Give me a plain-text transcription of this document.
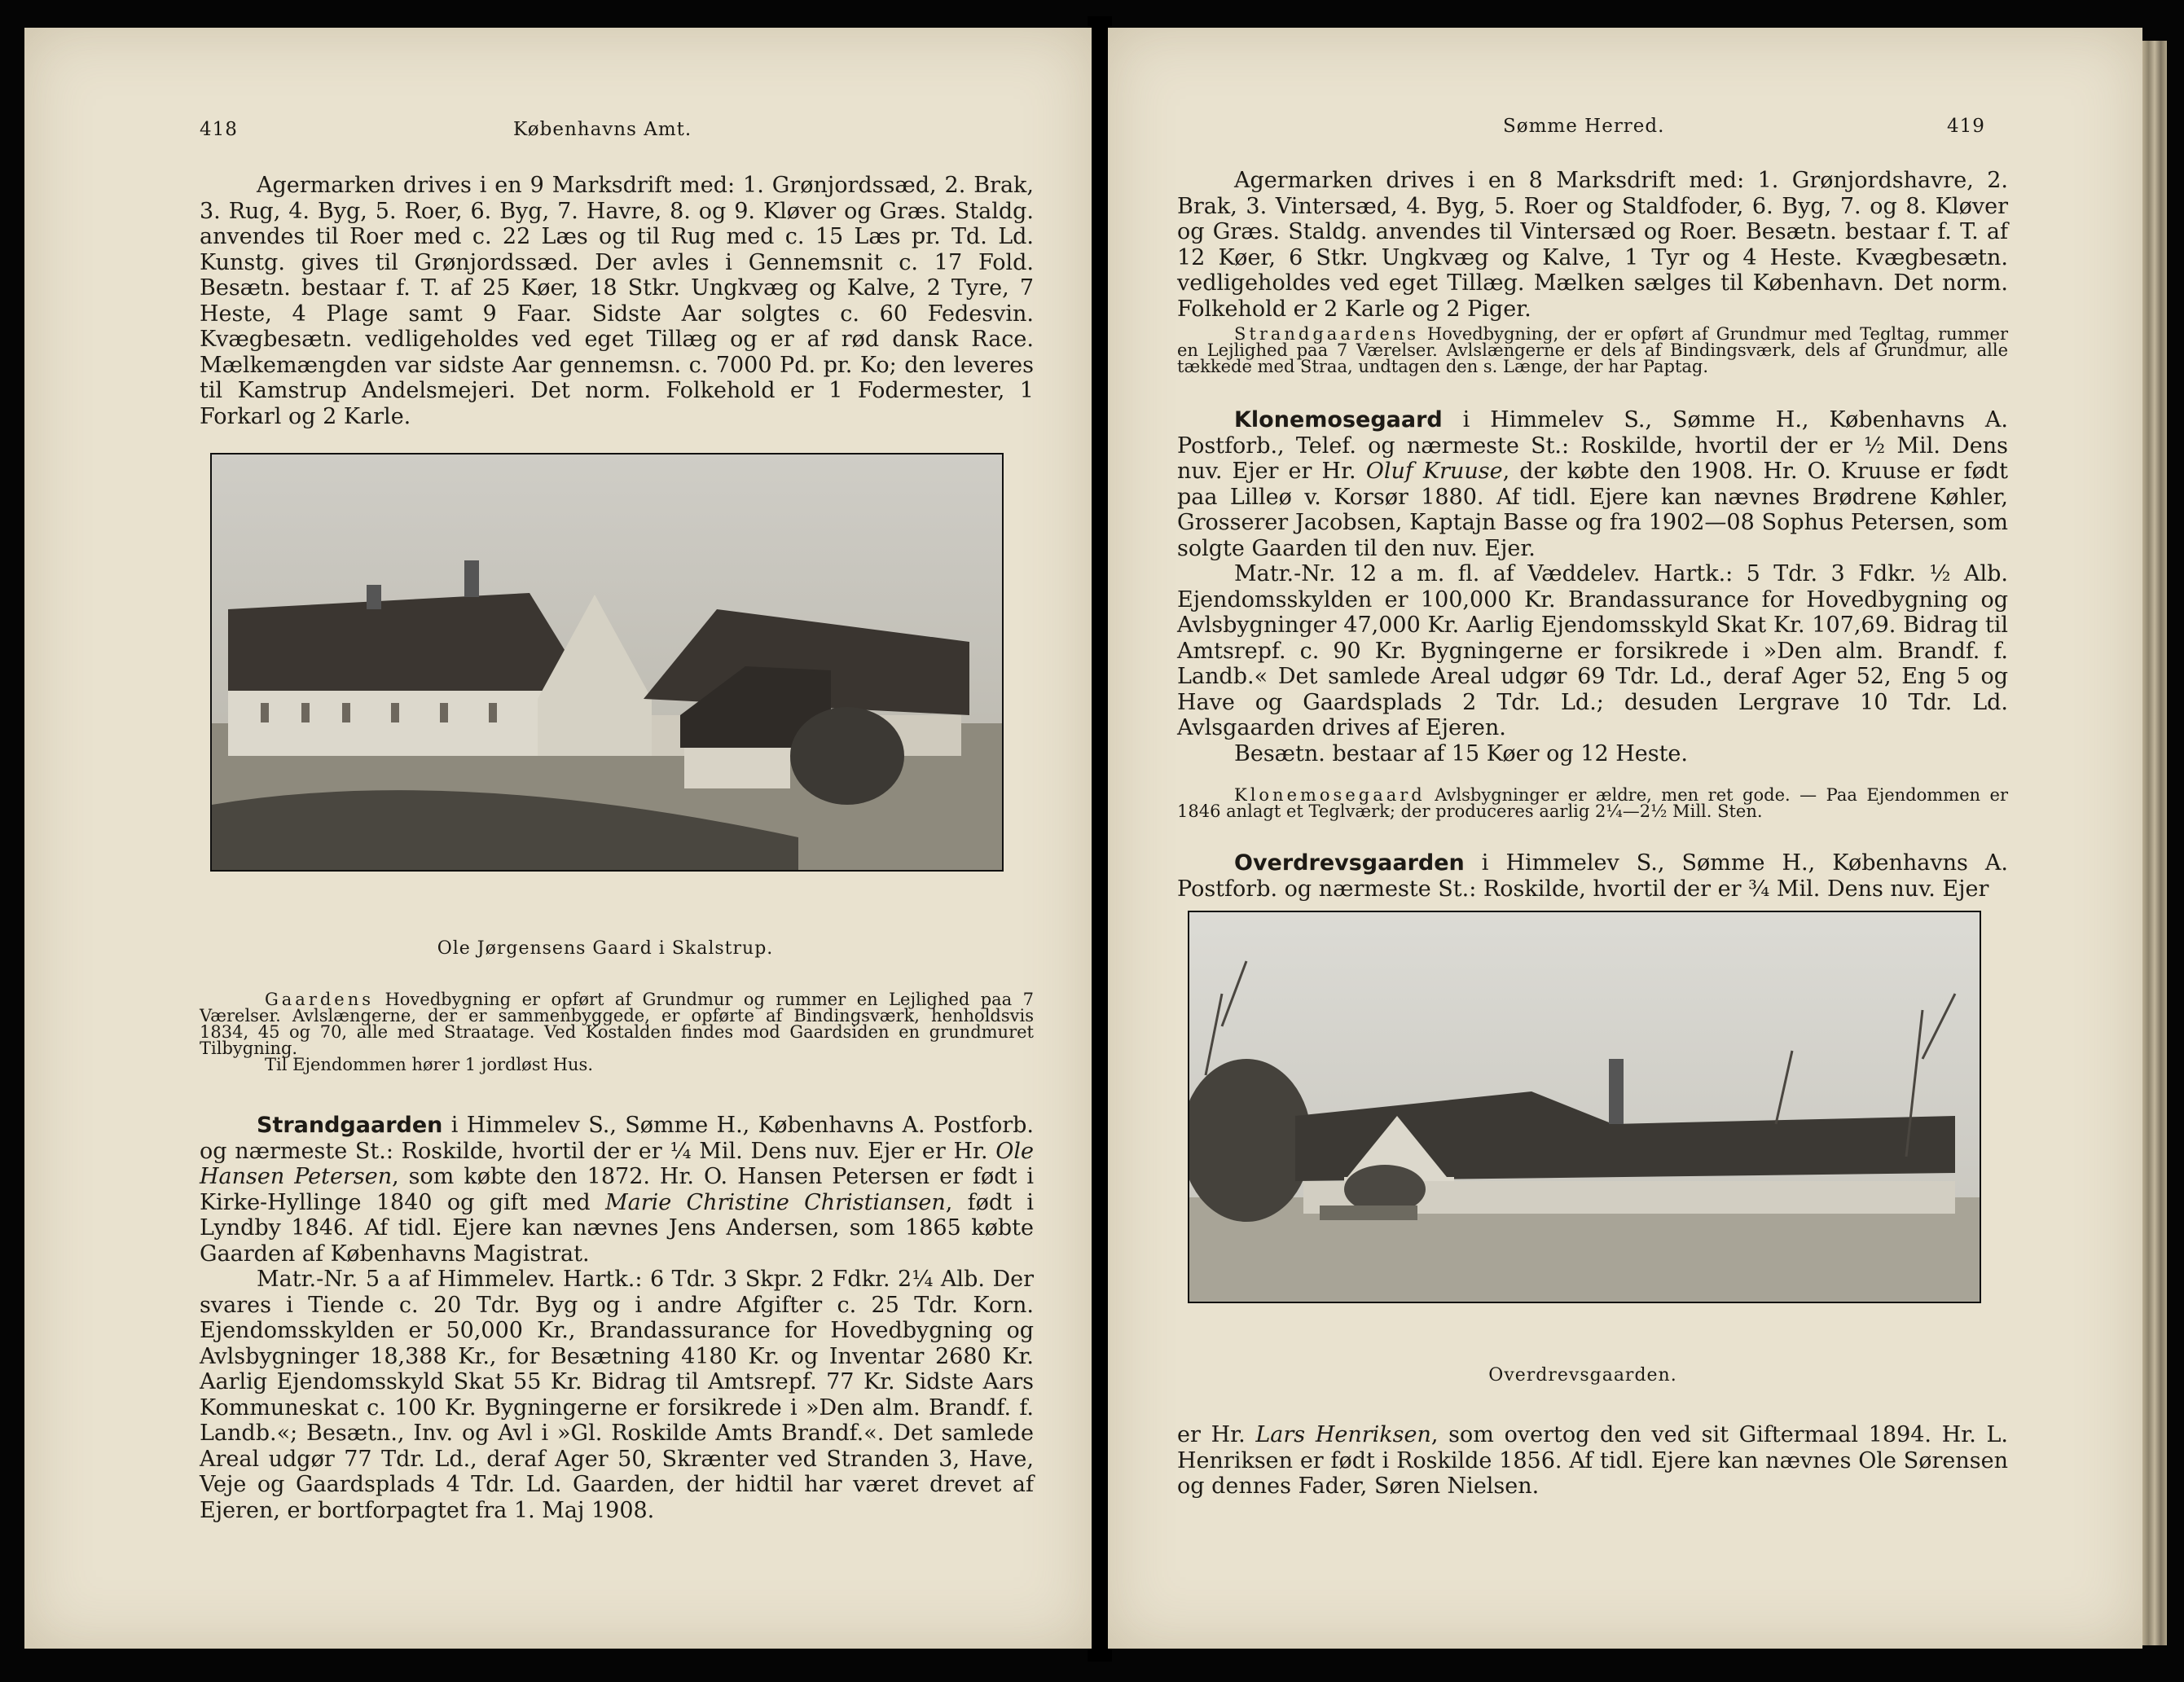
418	Københavns Amt.

Agermarken drives i en 9 Marksdrift med: 1. Grønjordssæd, 2. Brak, 3. Rug, 4. Byg, 5. Roer, 6. Byg, 7. Havre, 8. og 9. Kløver og Græs. Staldg. anvendes til Roer med c. 22 Læs og til Rug med c. 15 Læs pr. Td. Ld. Kunstg. gives til Grønjordssæd. Der avles i Gennemsnit c. 17 Fold. Besætn. bestaar f. T. af 25 Køer, 18 Stkr. Ungkvæg og Kalve, 2 Tyre, 7 Heste, 4 Plage samt 9 Faar. Sidste Aar solgtes c. 60 Fedesvin. Kvægbesætn. vedligeholdes ved eget Tillæg og er af rød dansk Race. Mælkemængden var sidste Aar gennemsn. c. 7000 Pd. pr. Ko; den leveres til Kamstrup Andelsmejeri. Det norm. Folkehold er 1 Fodermester, 1 Forkarl og 2 Karle.

Ole Jørgensens Gaard i Skalstrup.

Gaardens Hovedbygning er opført af Grundmur og rummer en Lejlighed paa 7 Værelser. Avlslængerne, der er sammenbyggede, er opførte af Bindingsværk, henholdsvis 1834, 45 og 70, alle med Straatage. Ved Kostalden findes mod Gaardsiden en grundmuret Tilbygning.

Til Ejendommen hører 1 jordløst Hus.

Strandgaarden i Himmelev S., Sømme H., Københavns A. Postforb. og nærmeste St.: Roskilde, hvortil der er ¼ Mil. Dens nuv. Ejer er Hr. Ole Hansen Petersen, som købte den 1872. Hr. O. Hansen Petersen er født i Kirke-Hyllinge 1840 og gift med Marie Christine Christiansen, født i Lyndby 1846. Af tidl. Ejere kan nævnes Jens Andersen, som 1865 købte Gaarden af Københavns Magistrat.

Matr.-Nr. 5 a af Himmelev. Hartk.: 6 Tdr. 3 Skpr. 2 Fdkr. 2¼ Alb. Der svares i Tiende c. 20 Tdr. Byg og i andre Afgifter c. 25 Tdr. Korn. Ejendomsskylden er 50,000 Kr., Brandassurance for Hovedbygning og Avlsbygninger 18,388 Kr., for Besætning 4180 Kr. og Inventar 2680 Kr. Aarlig Ejendomsskyld Skat 55 Kr. Bidrag til Amtsrepf. 77 Kr. Sidste Aars Kommuneskat c. 100 Kr. Bygningerne er forsikrede i »Den alm. Brandf. f. Landb.«; Besætn., Inv. og Avl i »Gl. Roskilde Amts Brandf.«. Det samlede Areal udgør 77 Tdr. Ld., deraf Ager 50, Skrænter ved Stranden 3, Have, Veje og Gaardsplads 4 Tdr. Ld. Gaarden, der hidtil har været drevet af Ejeren, er bortforpagtet fra 1. Maj 1908.

Sømme Herred.	419

Agermarken drives i en 8 Marksdrift med: 1. Grønjordshavre, 2. Brak, 3. Vintersæd, 4. Byg, 5. Roer og Staldfoder, 6. Byg, 7. og 8. Kløver og Græs. Staldg. anvendes til Vintersæd og Roer. Besætn. bestaar f. T. af 12 Køer, 6 Stkr. Ungkvæg og Kalve, 1 Tyr og 4 Heste. Kvægbesætn. vedligeholdes ved eget Tillæg. Mælken sælges til København. Det norm. Folkehold er 2 Karle og 2 Piger.

Strandgaardens Hovedbygning, der er opført af Grundmur med Tegltag, rummer en Lejlighed paa 7 Værelser. Avlslængerne er dels af Bindingsværk, dels af Grundmur, alle tækkede med Straa, undtagen den s. Længe, der har Paptag.

Klonemosegaard i Himmelev S., Sømme H., Københavns A. Postforb., Telef. og nærmeste St.: Roskilde, hvortil der er ½ Mil. Dens nuv. Ejer er Hr. Oluf Kruuse, der købte den 1908. Hr. O. Kruuse er født paa Lilleø v. Korsør 1880. Af tidl. Ejere kan nævnes Brødrene Køhler, Grosserer Jacobsen, Kaptajn Basse og fra 1902—08 Sophus Petersen, som solgte Gaarden til den nuv. Ejer.

Matr.-Nr. 12 a m. fl. af Væddelev. Hartk.: 5 Tdr. 3 Fdkr. ½ Alb. Ejendomsskylden er 100,000 Kr. Brandassurance for Hovedbygning og Avlsbygninger 47,000 Kr. Aarlig Ejendomsskyld Skat Kr. 107,69. Bidrag til Amtsrepf. c. 90 Kr. Bygningerne er forsikrede i »Den alm. Brandf. f. Landb.« Det samlede Areal udgør 69 Tdr. Ld., deraf Ager 52, Eng 5 og Have og Gaardsplads 2 Tdr. Ld.; desuden Lergrave 10 Tdr. Ld. Avlsgaarden drives af Ejeren.

Besætn. bestaar af 15 Køer og 12 Heste.

Klonemosegaard Avlsbygninger er ældre, men ret gode. — Paa Ejendommen er 1846 anlagt et Teglværk; der produceres aarlig 2¼—2½ Mill. Sten.

Overdrevsgaarden i Himmelev S., Sømme H., Københavns A. Postforb. og nærmeste St.: Roskilde, hvortil der er ¾ Mil. Dens nuv. Ejer

Overdrevsgaarden.

er Hr. Lars Henriksen, som overtog den ved sit Giftermaal 1894. Hr. L. Henriksen er født i Roskilde 1856. Af tidl. Ejere kan nævnes Ole Sørensen og dennes Fader, Søren Nielsen.
